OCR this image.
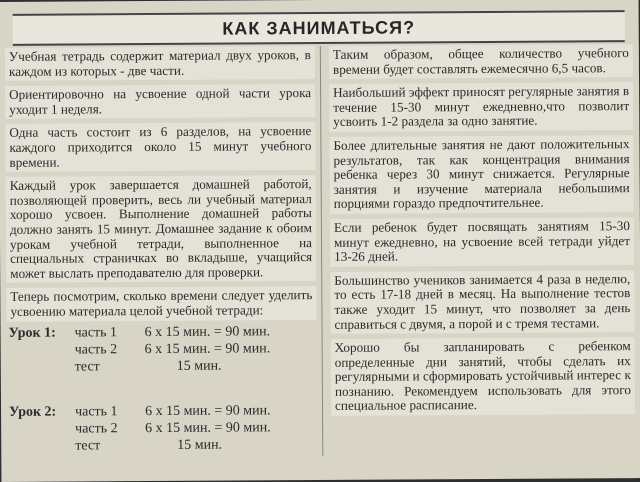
КАК ЗАНИМАТЬСЯ?
Учебная тетрадь содержит материал двух уроков, в каждом из которых - две части.
Ориентировочно на усвоение одной части урока уходит 1 неделя.
Одна часть состоит из 6 разделов, на усвоение каждого приходится около 15 минут учебного времени.
Каждый урок завершается домашней работой, позволяющей проверить, весь ли учебный материал хорошо усвоен. Выполнение домашней работы должно занять 15 минут. Домашнее задание к обоим урокам учебной тетради, выполненное на специальных страничках во вкладыше, учащийся может выслать преподавателю для проверки.
Теперь посмотрим, сколько времени следует уделить усвоению материала целой учебной тетради:
Урок 1:	часть 1	6 х 15 мин. = 90 мин.
часть 2	6 х 15 мин. = 90 мин.
тест	15 мин.
Урок 2:	часть 1	6 х 15 мин. = 90 мин.
часть 2	6 х 15 мин. = 90 мин.
тест	15 мин.
Таким образом, общее количество учебного времени будет составлять ежемесячно 6,5 часов.
Наибольший эффект приносят регулярные занятия в течение 15-30 минут ежедневно,что позволит усвоить 1-2 раздела за одно занятие.
Более длительные занятия не дают положительных результатов, так как концентрация внимания ребенка через 30 минут снижается. Регулярные занятия и изучение материала небольшими порциями гораздо предпочтительнее.
Если ребенок будет посвящать занятиям 15-30 минут ежедневно, на усвоение всей тетради уйдет 13-26 дней.
Большинство учеников занимается 4 раза в неделю, то есть 17-18 дней в месяц. На выполнение тестов также уходит 15 минут, что позволяет за день справиться с двумя, а порой и с тремя тестами.
Хорошо бы запланировать с ребенком определенные дни занятий, чтобы сделать их регулярными и сформировать устойчивый интерес к познанию. Рекомендуем использовать для этого специальное расписание.
